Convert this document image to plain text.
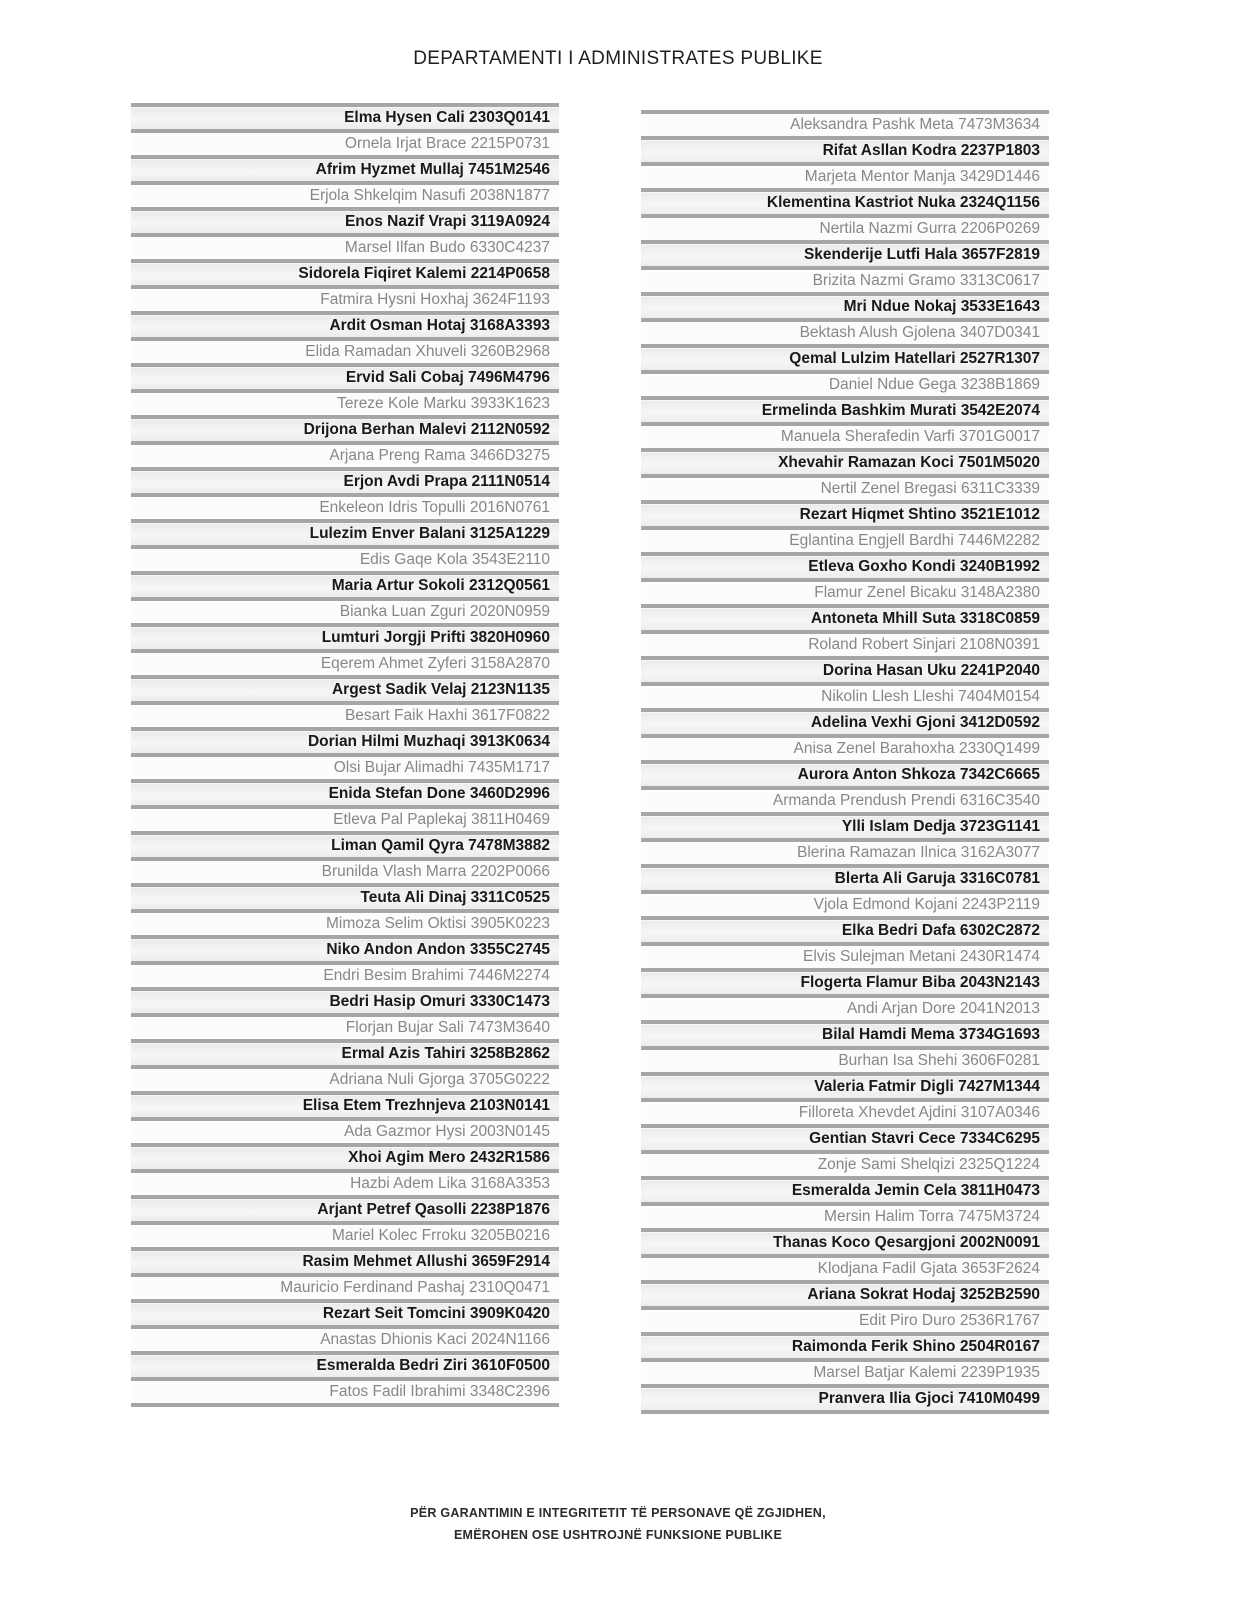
DEPARTAMENTI I ADMINISTRATES PUBLIKE
Elma Hysen Cali 2303Q0141
Ornela Irjat Brace 2215P0731
Afrim Hyzmet Mullaj 7451M2546
Erjola Shkelqim Nasufi 2038N1877
Enos Nazif Vrapi 3119A0924
Marsel Ilfan Budo 6330C4237
Sidorela Fiqiret Kalemi 2214P0658
Fatmira Hysni Hoxhaj 3624F1193
Ardit Osman Hotaj 3168A3393
Elida Ramadan Xhuveli 3260B2968
Ervid Sali Cobaj 7496M4796
Tereze Kole Marku 3933K1623
Drijona Berhan Malevi 2112N0592
Arjana Preng Rama 3466D3275
Erjon Avdi Prapa 2111N0514
Enkeleon Idris Topulli 2016N0761
Lulezim Enver Balani 3125A1229
Edis Gaqe Kola 3543E2110
Maria Artur Sokoli 2312Q0561
Bianka Luan Zguri 2020N0959
Lumturi Jorgji Prifti 3820H0960
Eqerem Ahmet Zyferi 3158A2870
Argest Sadik Velaj 2123N1135
Besart Faik Haxhi 3617F0822
Dorian Hilmi Muzhaqi 3913K0634
Olsi Bujar Alimadhi 7435M1717
Enida Stefan Done 3460D2996
Etleva Pal Paplekaj 3811H0469
Liman Qamil Qyra 7478M3882
Brunilda Vlash Marra 2202P0066
Teuta Ali Dinaj 3311C0525
Mimoza Selim Oktisi 3905K0223
Niko Andon Andon 3355C2745
Endri Besim Brahimi 7446M2274
Bedri Hasip Omuri 3330C1473
Florjan Bujar Sali 7473M3640
Ermal Azis Tahiri 3258B2862
Adriana Nuli Gjorga 3705G0222
Elisa Etem Trezhnjeva 2103N0141
Ada Gazmor Hysi 2003N0145
Xhoi Agim Mero 2432R1586
Hazbi Adem Lika 3168A3353
Arjant Petref Qasolli 2238P1876
Mariel Kolec Frroku 3205B0216
Rasim Mehmet Allushi 3659F2914
Mauricio Ferdinand Pashaj 2310Q0471
Rezart Seit Tomcini 3909K0420
Anastas Dhionis Kaci 2024N1166
Esmeralda Bedri Ziri 3610F0500
Fatos Fadil Ibrahimi 3348C2396
Aleksandra Pashk Meta 7473M3634
Rifat Asllan Kodra 2237P1803
Marjeta Mentor Manja 3429D1446
Klementina Kastriot Nuka 2324Q1156
Nertila Nazmi Gurra 2206P0269
Skenderije Lutfi Hala 3657F2819
Brizita Nazmi Gramo 3313C0617
Mri Ndue Nokaj 3533E1643
Bektash Alush Gjolena 3407D0341
Qemal Lulzim Hatellari 2527R1307
Daniel Ndue Gega 3238B1869
Ermelinda Bashkim Murati 3542E2074
Manuela Sherafedin Varfi 3701G0017
Xhevahir Ramazan Koci 7501M5020
Nertil Zenel Bregasi 6311C3339
Rezart Hiqmet Shtino 3521E1012
Eglantina Engjell Bardhi 7446M2282
Etleva Goxho Kondi 3240B1992
Flamur Zenel Bicaku 3148A2380
Antoneta Mhill Suta 3318C0859
Roland Robert Sinjari 2108N0391
Dorina Hasan Uku 2241P2040
Nikolin Llesh Lleshi 7404M0154
Adelina Vexhi Gjoni 3412D0592
Anisa Zenel Barahoxha 2330Q1499
Aurora Anton Shkoza 7342C6665
Armanda Prendush Prendi 6316C3540
Ylli Islam Dedja 3723G1141
Blerina Ramazan Ilnica 3162A3077
Blerta Ali Garuja 3316C0781
Vjola Edmond Kojani 2243P2119
Elka Bedri Dafa 6302C2872
Elvis Sulejman Metani 2430R1474
Flogerta Flamur Biba 2043N2143
Andi Arjan Dore 2041N2013
Bilal Hamdi Mema 3734G1693
Burhan Isa Shehi 3606F0281
Valeria Fatmir Digli 7427M1344
Filloreta Xhevdet Ajdini 3107A0346
Gentian Stavri Cece 7334C6295
Zonje Sami Shelqizi 2325Q1224
Esmeralda Jemin Cela 3811H0473
Mersin Halim Torra 7475M3724
Thanas Koco Qesargjoni 2002N0091
Klodjana Fadil Gjata 3653F2624
Ariana Sokrat Hodaj 3252B2590
Edit Piro Duro 2536R1767
Raimonda Ferik Shino 2504R0167
Marsel Batjar Kalemi 2239P1935
Pranvera Ilia Gjoci 7410M0499
PËR GARANTIMIN E INTEGRITETIT TË PERSONAVE QË ZGJIDHEN,
EMËROHEN OSE USHTROJNË FUNKSIONE PUBLIKE
